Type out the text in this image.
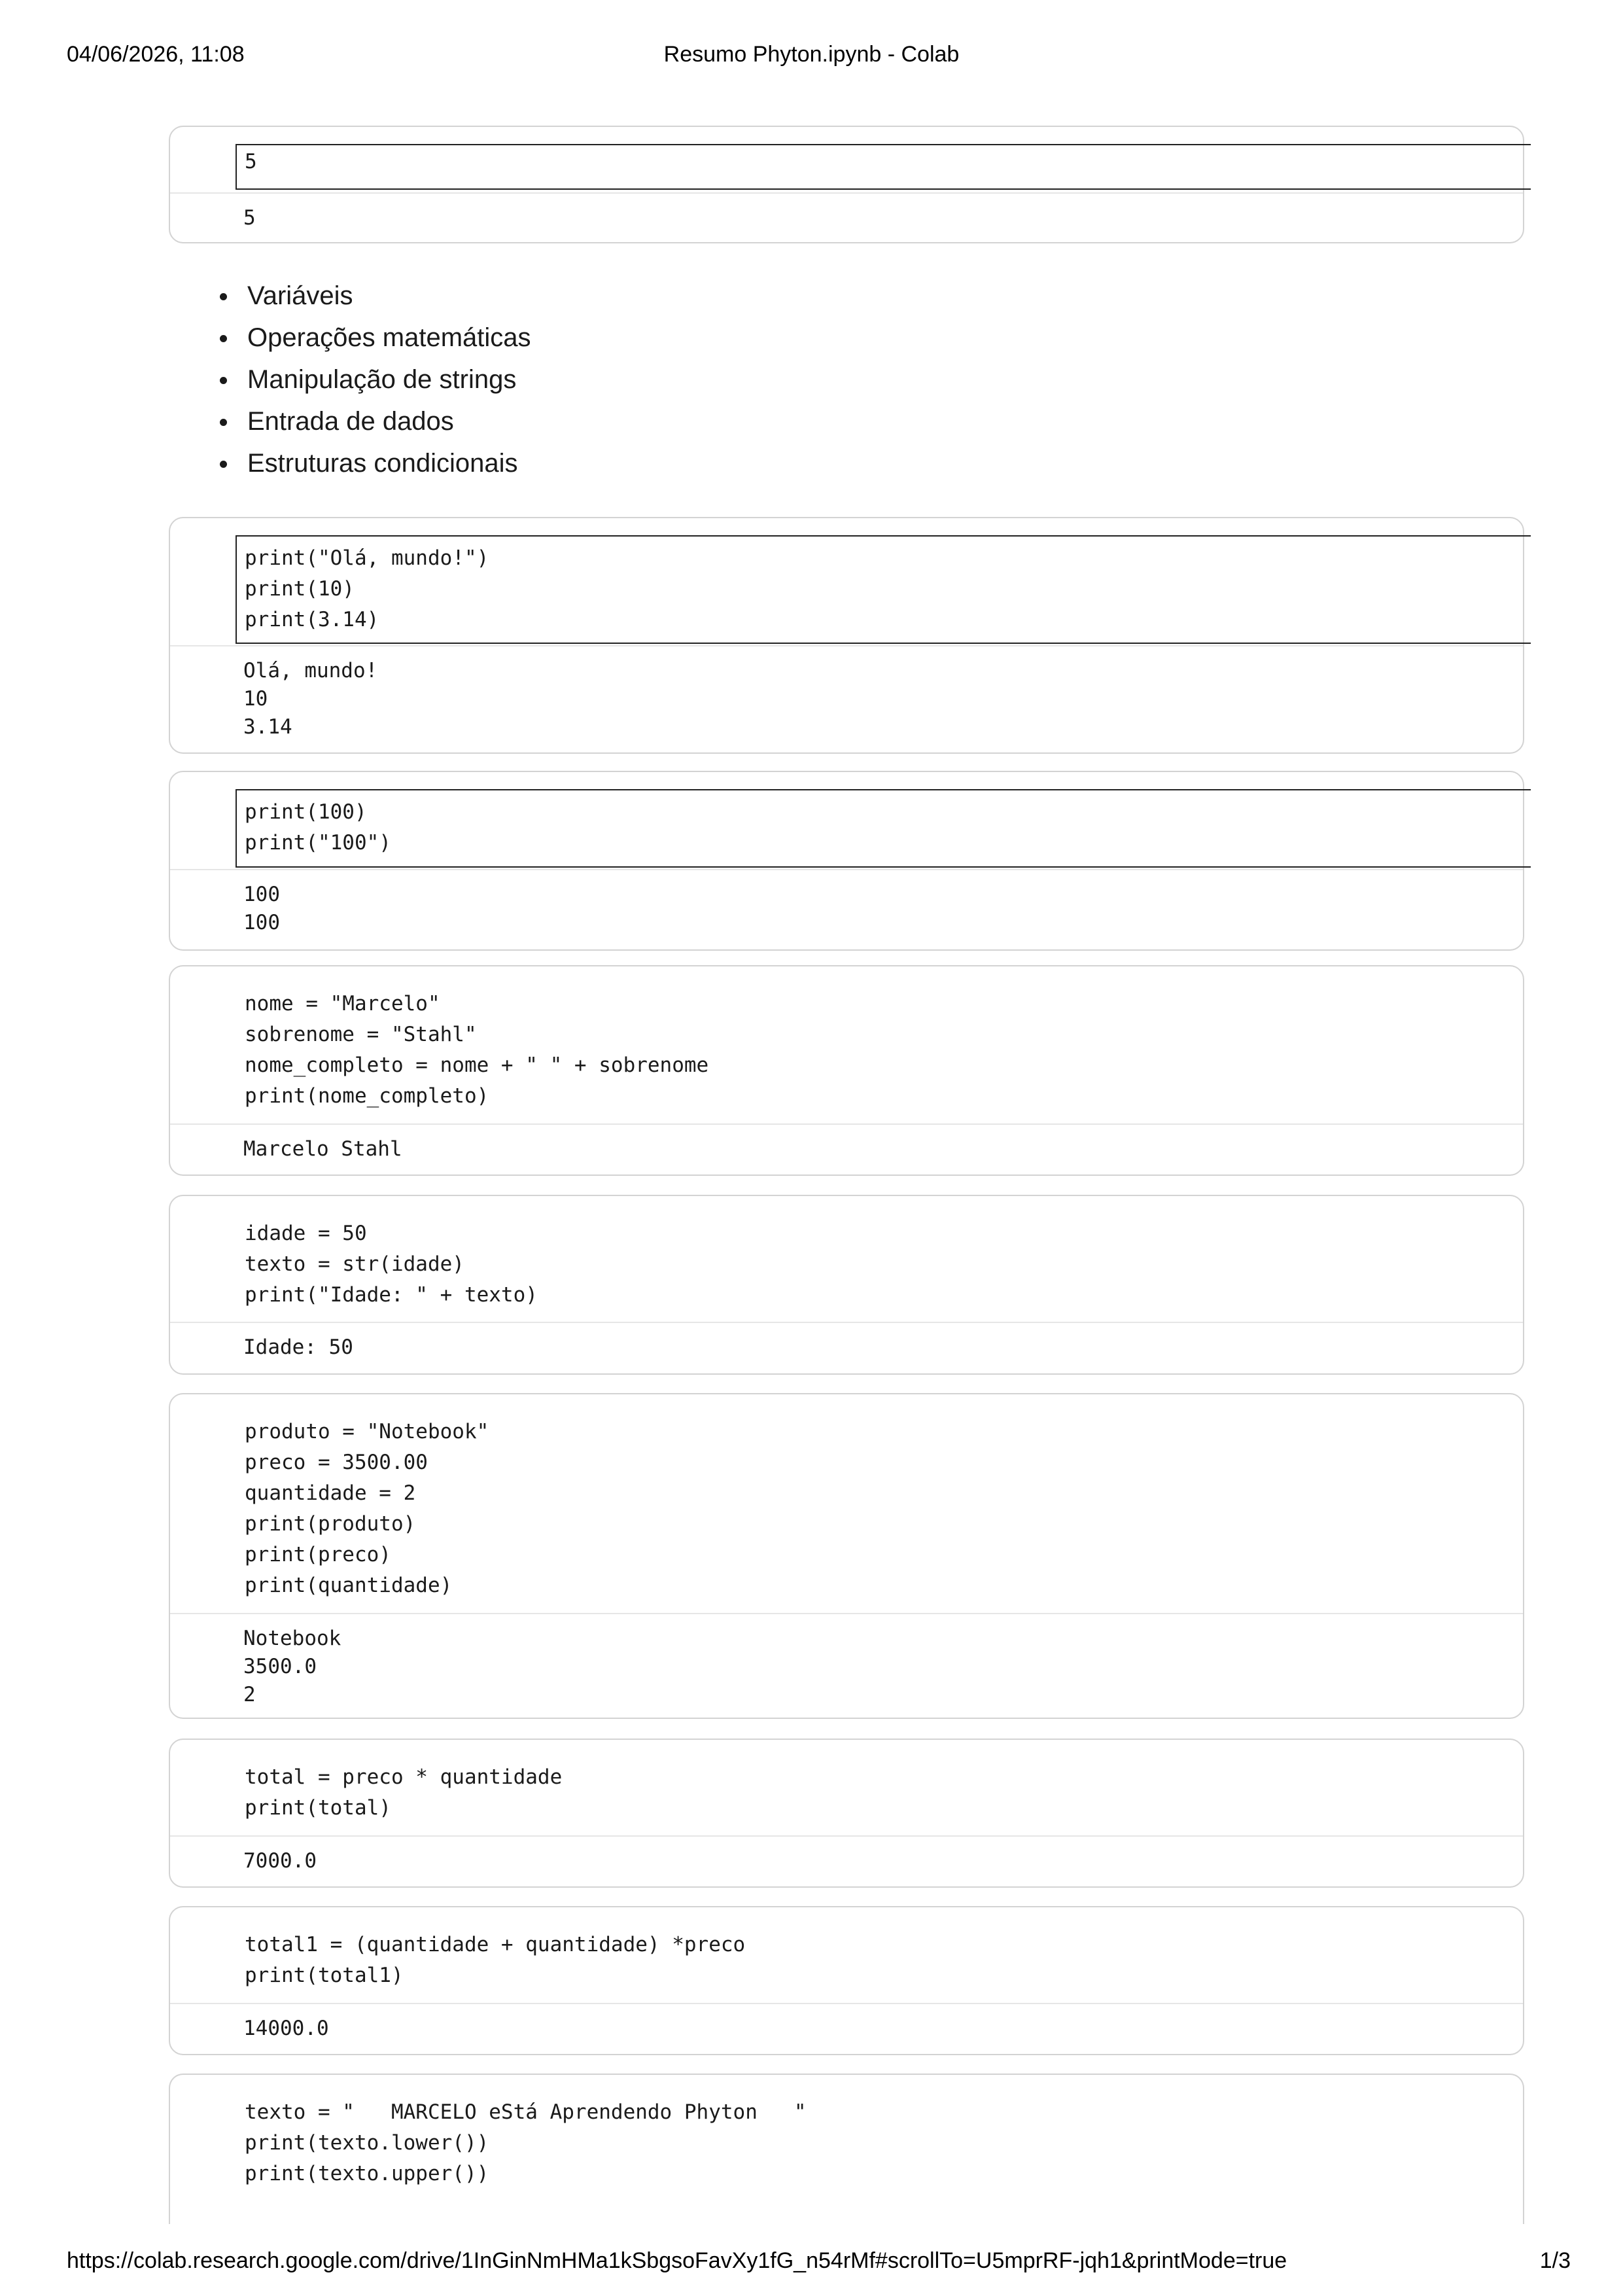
04/06/2026, 11:08	Resumo Phyton.ipynb - Colab
5
5
Variáveis
Operações matemáticas
Manipulação de strings
Entrada de dados
Estruturas condicionais
print("Olá, mundo!")
print(10)
print(3.14)
Olá, mundo!
10
3.14
print(100)
print("100")
100
100
nome = "Marcelo"
sobrenome = "Stahl"
nome_completo = nome + " " + sobrenome
print(nome_completo)
Marcelo Stahl
idade = 50
texto = str(idade)
print("Idade: " + texto)
Idade: 50
produto = "Notebook"
preco = 3500.00
quantidade = 2
print(produto)
print(preco)
print(quantidade)
Notebook
3500.0
2
total = preco * quantidade
print(total)
7000.0
total1 = (quantidade + quantidade) *preco
print(total1)
14000.0
texto = "   MARCELO eStá Aprendendo Phyton   "
print(texto.lower())
print(texto.upper())
https://colab.research.google.com/drive/1InGinNmHMa1kSbgsoFavXy1fG_n54rMf#scrollTo=U5mprRF-jqh1&printMode=true	1/3
